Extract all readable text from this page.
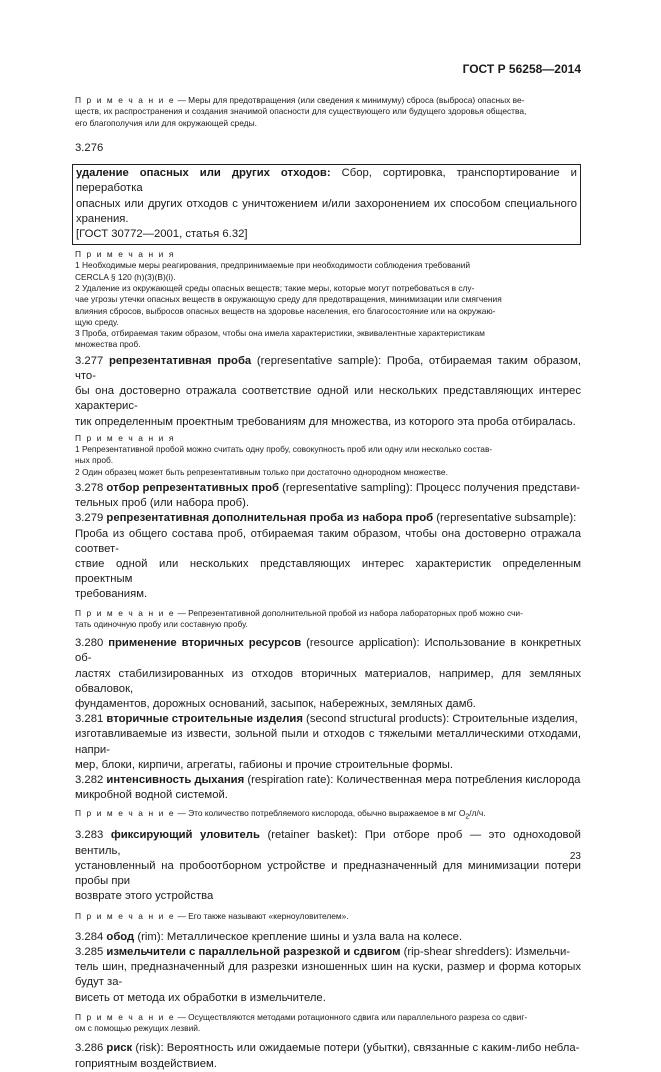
ГОСТ Р 56258—2014
П р и м е ч а н и е — Меры для предотвращения (или сведения к минимуму) сброса (выброса) опасных ве-
ществ, их распространения и создания значимой опасности для существующего или будущего здоровья общества,
его благополучия или для окружающей среды.
3.276
удаление опасных или других отходов: Сбор, сортировка, транспортирование и переработка
опасных или других отходов с уничтожением и/или захоронением их способом специального хранения.
[ГОСТ 30772—2001, статья 6.32]
П р и м е ч а н и я
1 Необходимые меры реагирования, предпринимаемые при необходимости соблюдения требований
CERCLA § 120 (h)(3)(B)(i).
2 Удаление из окружающей среды опасных веществ; такие меры, которые могут потребоваться в слу-
чае угрозы утечки опасных веществ в окружающую среду для предотвращения, минимизации или смягчения
влияния сбросов, выбросов опасных веществ на здоровье населения, его благосостояние или на окружаю-
щую среду.
3 Проба, отбираемая таким образом, чтобы она имела характеристики, эквивалентные характеристикам
множества проб.
3.277 репрезентативная проба (representative sample): Проба, отбираемая таким образом, что-
бы она достоверно отражала соответствие одной или нескольких представляющих интерес характерис-
тик определенным проектным требованиям для множества, из которого эта проба отбиралась.
П р и м е ч а н и я
1 Репрезентативной пробой можно считать одну пробу, совокупность проб или одну или несколько состав-
ных проб.
2 Один образец может быть репрезентативным только при достаточно однородном множестве.
3.278 отбор репрезентативных проб (representative sampling): Процесс получения представи-
тельных проб (или набора проб).
3.279 репрезентативная дополнительная проба из набора проб (representative subsample):
Проба из общего состава проб, отбираемая таким образом, чтобы она достоверно отражала соответ-
ствие одной или нескольких представляющих интерес характеристик определенным проектным
требованиям.
П р и м е ч а н и е — Репрезентативной дополнительной пробой из набора лабораторных проб можно счи-
тать одиночную пробу или составную пробу.
3.280 применение вторичных ресурсов (resource application): Использование в конкретных об-
ластях стабилизированных из отходов вторичных материалов, например, для земляных обваловок,
фундаментов, дорожных оснований, засыпок, набережных, земляных дамб.
3.281 вторичные строительные изделия (second structural products): Строительные изделия,
изготавливаемые из извести, зольной пыли и отходов с тяжелыми металлическими отходами, напри-
мер, блоки, кирпичи, агрегаты, габионы и прочие строительные формы.
3.282 интенсивность дыхания (respiration rate): Количественная мера потребления кислорода
микробной водной системой.
П р и м е ч а н и е — Это количество потребляемого кислорода, обычно выражаемое в мг $O_2/л/ч$.
3.283 фиксирующий уловитель (retainer basket): При отборе проб — это одноходовой вентиль,
установленный на пробоотборном устройстве и предназначенный для минимизации потери пробы при
возврате этого устройства
П р и м е ч а н и е — Его также называют «керноуловителем».
3.284 обод (rim): Металлическое крепление шины и узла вала на колесе.
3.285 измельчители с параллельной разрезкой и сдвигом (rip-shear shredders): Измельчи-
тель шин, предназначенный для разрезки изношенных шин на куски, размер и форма которых будут за-
висеть от метода их обработки в измельчителе.
П р и м е ч а н и е — Осуществляются методами ротационного сдвига или параллельного разреза со сдвиг-
ом с помощью режущих лезвий.
3.286 риск (risk): Вероятность или ожидаемые потери (убытки), связанные с каким-либо небла-
гоприятным воздействием.
23
